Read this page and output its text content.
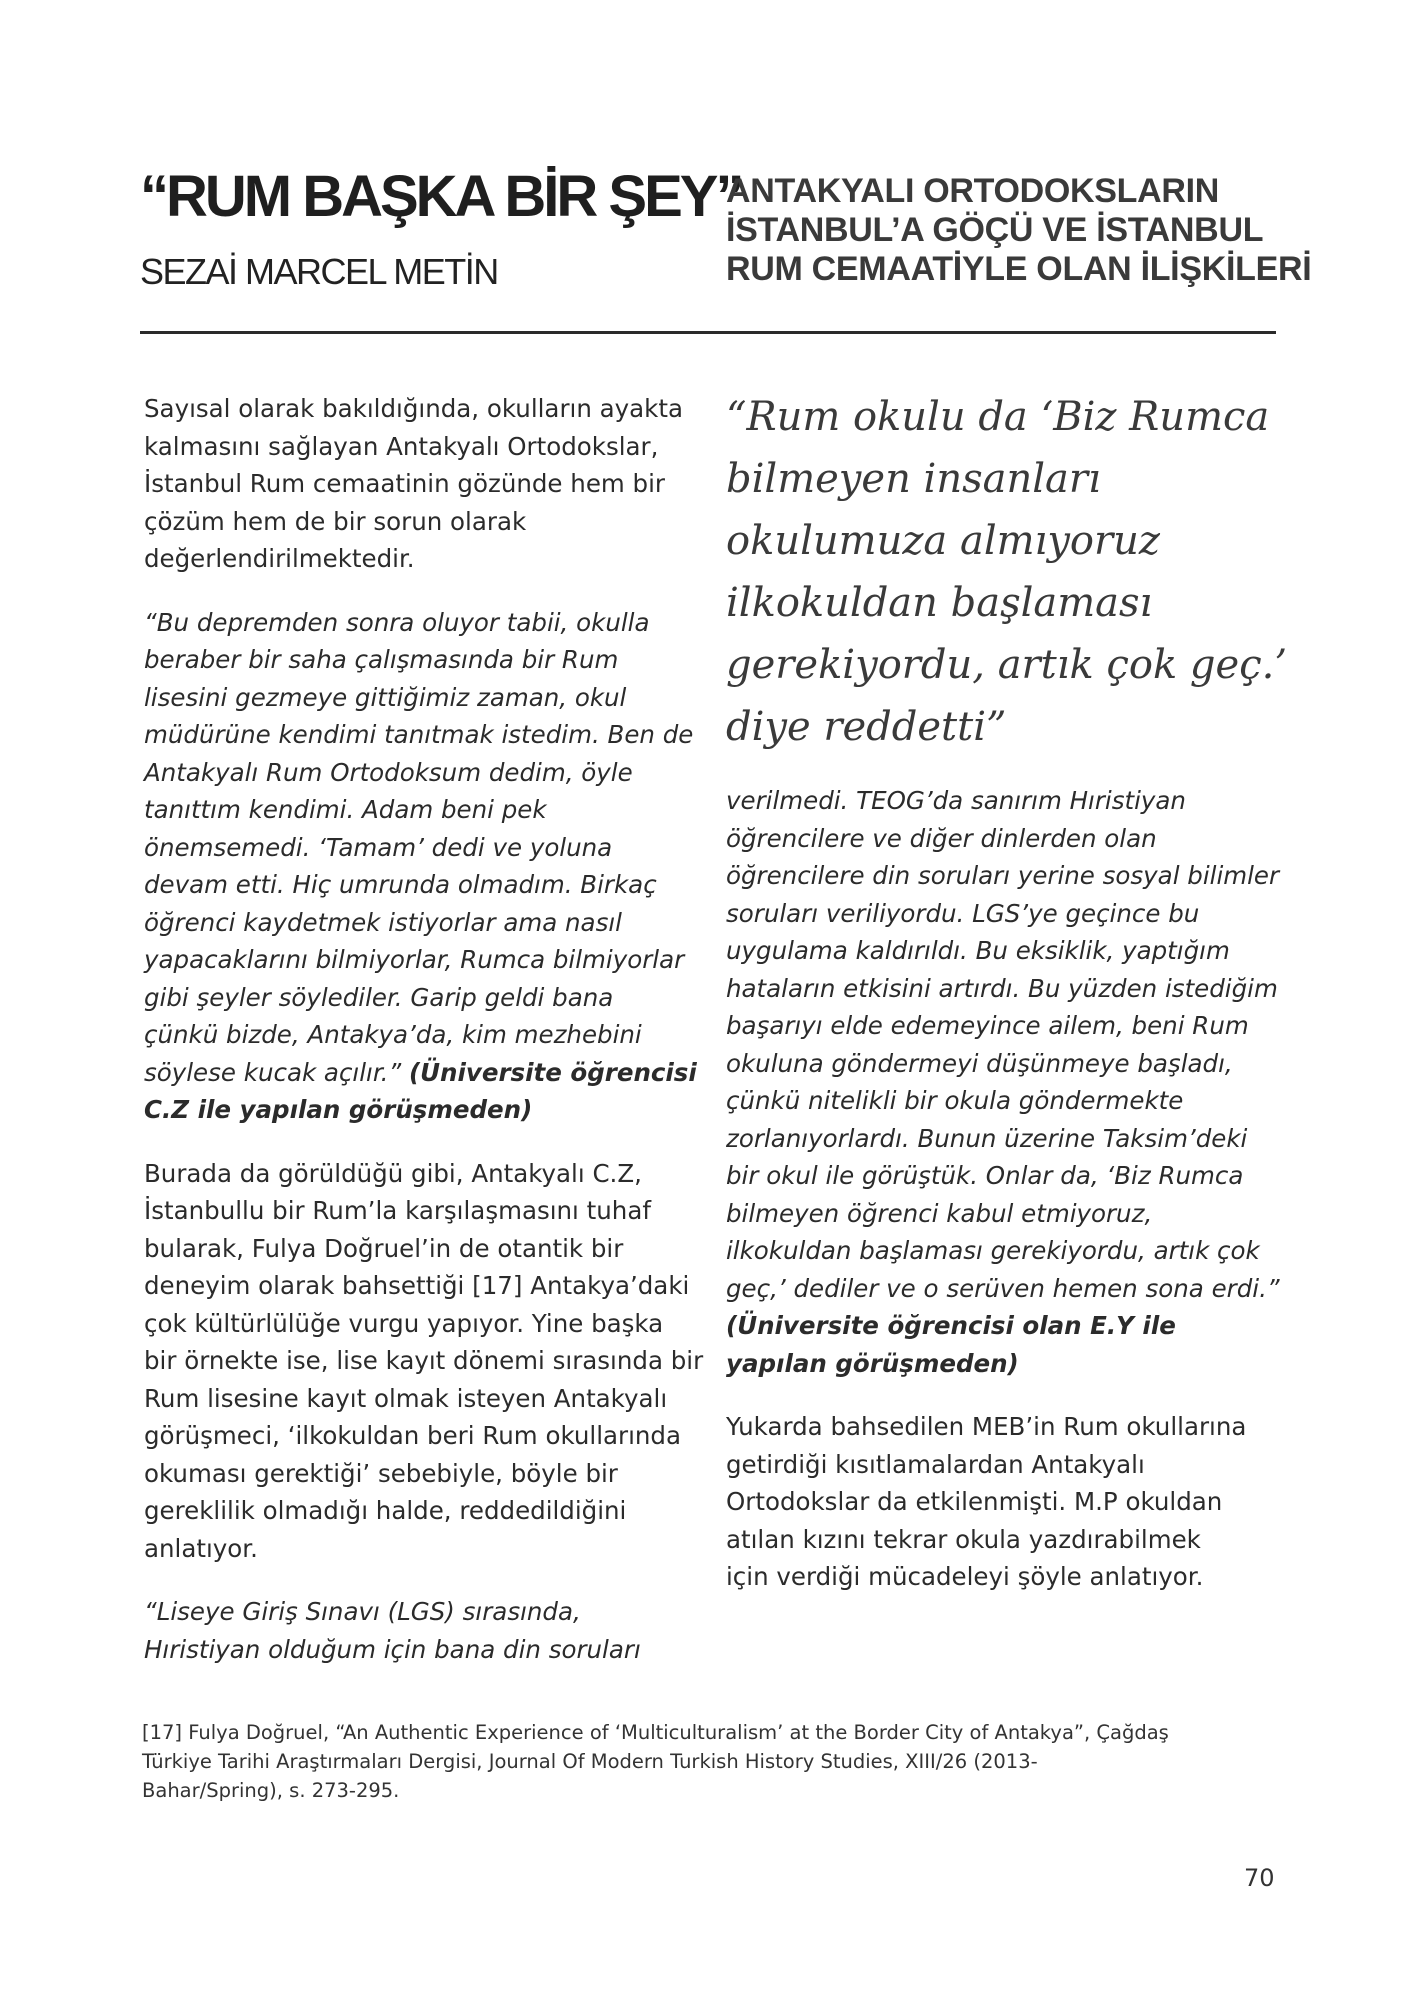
“RUM BAŞKA BİR ŞEY”
SEZAİ MARCEL METİN
ANTAKYALI ORTODOKSLARIN
İSTANBUL’A GÖÇÜ VE İSTANBUL
RUM CEMAATİYLE OLAN İLİŞKİLERİ

Sayısal olarak bakıldığında, okulların ayakta
kalmasını sağlayan Antakyalı Ortodokslar,
İstanbul Rum cemaatinin gözünde hem bir
çözüm hem de bir sorun olarak
değerlendirilmektedir.

“Bu depremden sonra oluyor tabii, okulla
beraber bir saha çalışmasında bir Rum
lisesini gezmeye gittiğimiz zaman, okul
müdürüne kendimi tanıtmak istedim. Ben de
Antakyalı Rum Ortodoksum dedim, öyle
tanıttım kendimi. Adam beni pek
önemsemedi. ‘Tamam’ dedi ve yoluna
devam etti. Hiç umrunda olmadım. Birkaç
öğrenci kaydetmek istiyorlar ama nasıl
yapacaklarını bilmiyorlar, Rumca bilmiyorlar
gibi şeyler söylediler. Garip geldi bana
çünkü bizde, Antakya’da, kim mezhebini
söylese kucak açılır.” (Üniversite öğrencisi
C.Z ile yapılan görüşmeden)

Burada da görüldüğü gibi, Antakyalı C.Z,
İstanbullu bir Rum’la karşılaşmasını tuhaf
bularak, Fulya Doğruel’in de otantik bir
deneyim olarak bahsettiği [17] Antakya’daki
çok kültürlülüğe vurgu yapıyor. Yine başka
bir örnekte ise, lise kayıt dönemi sırasında bir
Rum lisesine kayıt olmak isteyen Antakyalı
görüşmeci, ‘ilkokuldan beri Rum okullarında
okuması gerektiği’ sebebiyle, böyle bir
gereklilik olmadığı halde, reddedildiğini
anlatıyor.

“Liseye Giriş Sınavı (LGS) sırasında,
Hıristiyan olduğum için bana din soruları

“Rum okulu da ‘Biz Rumca
bilmeyen insanları
okulumuza almıyoruz
ilkokuldan başlaması
gerekiyordu, artık çok geç.’
diye reddetti”

verilmedi. TEOG’da sanırım Hıristiyan
öğrencilere ve diğer dinlerden olan
öğrencilere din soruları yerine sosyal bilimler
soruları veriliyordu. LGS’ye geçince bu
uygulama kaldırıldı. Bu eksiklik, yaptığım
hataların etkisini artırdı. Bu yüzden istediğim
başarıyı elde edemeyince ailem, beni Rum
okuluna göndermeyi düşünmeye başladı,
çünkü nitelikli bir okula göndermekte
zorlanıyorlardı. Bunun üzerine Taksim’deki
bir okul ile görüştük. Onlar da, ‘Biz Rumca
bilmeyen öğrenci kabul etmiyoruz,
ilkokuldan başlaması gerekiyordu, artık çok
geç,’ dediler ve o serüven hemen sona erdi.”
(Üniversite öğrencisi olan E.Y ile
yapılan görüşmeden)

Yukarda bahsedilen MEB’in Rum okullarına
getirdiği kısıtlamalardan Antakyalı
Ortodokslar da etkilenmişti. M.P okuldan
atılan kızını tekrar okula yazdırabilmek
için verdiği mücadeleyi şöyle anlatıyor.

[17] Fulya Doğruel, “An Authentic Experience of ‘Multiculturalism’ at the Border City of Antakya”, Çağdaş
Türkiye Tarihi Araştırmaları Dergisi, Journal Of Modern Turkish History Studies, XIII/26 (2013-
Bahar/Spring), s. 273-295.
70
